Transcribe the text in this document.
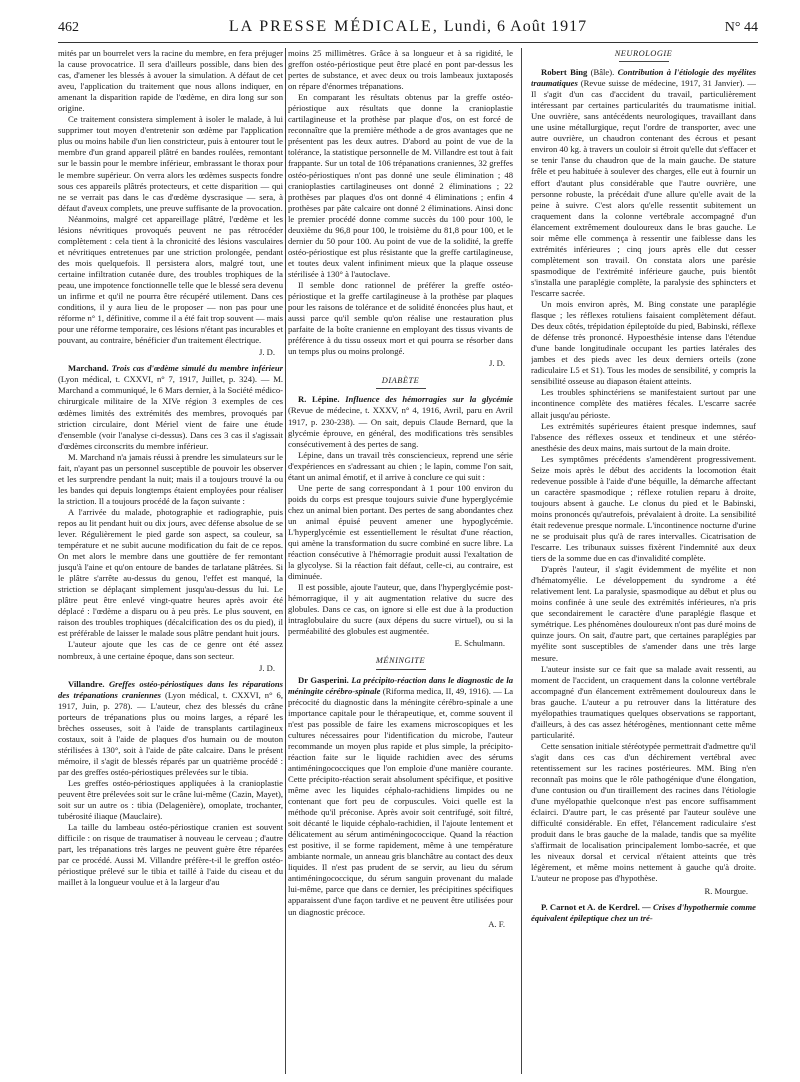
462	LA PRESSE MÉDICALE, Lundi, 6 Août 1917	N° 44

mités par un bourrelet vers la racine du membre, en fera préjuger la cause provocatrice. Il sera d'ailleurs possible, dans bien des cas, d'amener les blessés à avouer la simulation. A défaut de cet aveu, l'application du traitement que nous allons indiquer, en amenant la disparition rapide de l'œdème, en dira long sur son origine.

Ce traitement consistera simplement à isoler le malade, à lui supprimer tout moyen d'entretenir son œdème par l'application plus ou moins habile d'un lien constricteur, puis à entourer tout le membre d'un grand appareil plâtré en bandes roulées, remontant sur le bassin pour le membre inférieur, embrassant le thorax pour le membre supérieur. On verra alors les œdèmes suspects fondre sous ces appareils plâtrés protecteurs, et cette disparition — qui ne se verrait pas dans le cas d'œdème dyscrasique — sera, à défaut d'aveux complets, une preuve suffisante de la provocation.

Néanmoins, malgré cet appareillage plâtré, l'œdème et les lésions névritiques provoqués peuvent ne pas rétrocéder complètement : cela tient à la chronicité des lésions vasculaires et névritiques entretenues par une striction prolongée, pendant des mois quelquefois. Il persistera alors, malgré tout, une certaine infiltration cutanée dure, des troubles trophiques de la peau, une impotence fonctionnelle telle que le blessé sera devenu un infirme et qu'il ne pourra être récupéré utilement. Dans ces conditions, il y aura lieu de le proposer — non pas pour une réforme n° 1, définitive, comme il a été fait trop souvent — mais pour une réforme temporaire, ces lésions n'étant pas incurables et pouvant, au contraire, bénéficier d'un traitement électrique.

J. D.

Marchand. Trois cas d'œdème simulé du membre inférieur (Lyon médical, t. CXXVI, n° 7, 1917, Juillet, p. 324). — M. Marchand a communiqué, le 6 Mars dernier, à la Société médico-chirurgicale militaire de la XIVe région 3 exemples de ces œdèmes limités des extrémités des membres, provoqués par striction circulaire, dont Mériel vient de faire une étude d'ensemble (voir l'analyse ci-dessus). Dans ces 3 cas il s'agissait d'œdèmes circonscrits du membre inférieur.

M. Marchand n'a jamais réussi à prendre les simulateurs sur le fait, n'ayant pas un personnel susceptible de pouvoir les observer et les surprendre pendant la nuit; mais il a toujours trouvé la ou les bandes qui depuis longtemps étaient employées pour réaliser la striction. Il a toujours procédé de la façon suivante :

A l'arrivée du malade, photographie et radiographie, puis repos au lit pendant huit ou dix jours, avec défense absolue de se lever. Régulièrement le pied garde son aspect, sa couleur, sa température et ne subit aucune modification du fait de ce repos. On met alors le membre dans une gouttière de fer remontant jusqu'à l'aine et qu'on entoure de bandes de tarlatane plâtrées. Si le plâtre s'arrête au-dessus du genou, l'effet est manqué, la striction se déplaçant simplement jusqu'au-dessus du lui. Le plâtre peut être enlevé vingt-quatre heures après avoir été déplacé : l'œdème a disparu ou à peu près. Le plus souvent, en raison des troubles trophiques (décalcification des os du pied), il est préférable de laisser le malade sous plâtre pendant huit jours.

L'auteur ajoute que les cas de ce genre ont été assez nombreux, à une certaine époque, dans son secteur.

J. D.

Villandre. Greffes ostéo-périostiques dans les réparations des trépanations craniennes (Lyon médical, t. CXXVI, n° 6, 1917, Juin, p. 278). — L'auteur, chez des blessés du crâne porteurs de trépanations plus ou moins larges, a réparé les brèches osseuses, soit à l'aide de transplants cartilagineux costaux, soit à l'aide de plaques d'os humain ou de mouton stérilisées à 130°, soit à l'aide de pâte calcaire. Dans le présent mémoire, il s'agit de blessés réparés par un quatrième procédé : par des greffes ostéo-périostiques prélevées sur le tibia.

Les greffes ostéo-périostiques appliquées à la cranioplastie peuvent être prélevées soit sur le crâne lui-même (Cazin, Mayet), soit sur un autre os : tibia (Delagenière), omoplate, trochanter, tubérosité iliaque (Mauclaire).

La taille du lambeau ostéo-périostique cranien est souvent difficile : on risque de traumatiser à nouveau le cerveau ; d'autre part, les trépanations très larges ne peuvent guère être réparées par ce procédé. Aussi M. Villandre préfère-t-il le greffon ostéo-périostique prélevé sur le tibia et taillé à l'aide du ciseau et du maillet à la longueur voulue et à la largeur d'au

moins 25 millimètres. Grâce à sa longueur et à sa rigidité, le greffon ostéo-périostique peut être placé en pont par-dessus les pertes de substance, et avec deux ou trois lambeaux juxtaposés on répare d'énormes trépanations.

En comparant les résultats obtenus par la greffe ostéo-périostique aux résultats que donne la cranioplastie cartilagineuse et la prothèse par plaque d'os, on est forcé de reconnaître que la première méthode a de gros avantages que ne présentent pas les deux autres. D'abord au point de vue de la tolérance, la statistique personnelle de M. Villandre est tout à fait frappante. Sur un total de 106 trépanations craniennes, 32 greffes ostéo-périostiques n'ont pas donné une seule élimination ; 48 cranioplasties cartilagineuses ont donné 2 éliminations ; 22 prothèses par plaques d'os ont donné 4 éliminations ; enfin 4 prothèses par pâte calcaire ont donné 2 éliminations. Ainsi donc le premier procédé donne comme succès du 100 pour 100, le deuxième du 96,8 pour 100, le troisième du 81,8 pour 100, et le dernier du 50 pour 100. Au point de vue de la solidité, la greffe ostéo-périostique est plus résistante que la greffe cartilagineuse, et toutes deux valent infiniment mieux que la plaque osseuse stérilisée à 130° à l'autoclave.

Il semble donc rationnel de préférer la greffe ostéo-périostique et la greffe cartilagineuse à la prothèse par plaques pour les raisons de tolérance et de solidité énoncées plus haut, et aussi parce qu'il semble qu'on réalise une restauration plus parfaite de la boîte cranienne en employant des tissus vivants de préférence à du tissu osseux mort et qui pourra se résorber dans un temps plus ou moins prolongé.

J. D.
DIABÈTE

R. Lépine. Influence des hémorragies sur la glycémie (Revue de médecine, t. XXXV, n° 4, 1916, Avril, paru en Avril 1917, p. 230-238). — On sait, depuis Claude Bernard, que la glycémie éprouve, en général, des modifications très sensibles consécutivement à des pertes de sang.

Lépine, dans un travail très consciencieux, reprend une série d'expériences en s'adressant au chien ; le lapin, comme l'on sait, étant un animal émotif, et il arrive à conclure ce qui suit :

Une perte de sang correspondant à 1 pour 100 environ du poids du corps est presque toujours suivie d'une hyperglycémie chez un animal bien portant. Des pertes de sang abondantes chez un animal épuisé peuvent amener une hypoglycémie. L'hyperglycémie est essentiellement le résultat d'une réaction, qui amène la transformation du sucre combiné en sucre libre. La réaction consécutive à l'hémorragie produit aussi l'exaltation de la glycolyse. Si la réaction fait défaut, celle-ci, au contraire, est diminuée.

Il est possible, ajoute l'auteur, que, dans l'hyperglycémie post-hémorragique, il y ait augmentation relative du sucre des globules. Dans ce cas, on ignore si elle est due à la production intraglobulaire du sucre (aux dépens du sucre virtuel), ou si la perméabilité des globules est augmentée.

E. Schulmann.
MÉNINGITE

Dr Gasperini. La précipito-réaction dans le diagnostic de la méningite cérébro-spinale (Riforma medica, II, 49, 1916). — La précocité du diagnostic dans la méningite cérébro-spinale a une importance capitale pour le thérapeutique, et, comme souvent il n'est pas possible de faire les examens microscopiques et les cultures nécessaires pour l'identification du microbe, l'auteur recommande un moyen plus rapide et plus simple, la précipito-réaction faite sur le liquide rachidien avec des sérums antiméningococciques que l'on emploie d'une manière courante. Cette précipito-réaction serait absolument spécifique, et positive même avec les liquides céphalo-rachidiens limpides ou ne contenant que fort peu de corpuscules. Voici quelle est la méthode qu'il préconise. Après avoir soit centrifugé, soit filtré, soit décanté le liquide céphalo-rachidien, il l'ajoute lentement et délicatement au sérum antiméningococcique. Quand la réaction est positive, il se forme rapidement, même à une température ambiante normale, un anneau gris blanchâtre au contact des deux liquides. Il n'est pas prudent de se servir, au lieu du sérum antiméningococcique, du sérum sanguin provenant du malade lui-même, parce que dans ce dernier, les précipitines spécifiques apparaissent d'une façon tardive et ne peuvent être utilisées pour un diagnostic précoce.

A. F.
NEUROLOGIE

Robert Bing (Bâle). Contribution à l'étiologie des myélites traumatiques (Revue suisse de médecine, 1917, 31 Janvier). — Il s'agit d'un cas d'accident du travail, particulièrement intéressant par certaines particularités du traumatisme initial. Une ouvrière, sans antécédents neurologiques, travaillant dans une usine métallurgique, reçut l'ordre de transporter, avec une autre ouvrière, un chaudron contenant des écrous et pesant environ 40 kg. à travers un couloir si étroit qu'elle dut s'effacer et se tenir l'anse du chaudron que de la main gauche. De stature frêle et peu habituée à soulever des charges, elle eut à fournir un effort d'autant plus considérable que l'autre ouvrière, une personne robuste, la précédait d'une allure qu'elle avait de la peine à suivre. C'est alors qu'elle ressentit subitement un craquement dans la colonne vertébrale accompagné d'un élancement extrêmement douloureux dans le bras gauche. Le soir même elle commença à ressentir une faiblesse dans les extrémités inférieures ; cinq jours après elle dut cesser complètement son travail. On constata alors une parésie spasmodique de l'extrémité inférieure gauche, puis bientôt s'installa une paraplégie complète, la paralysie des sphincters et l'escarre sacrée.

Un mois environ après, M. Bing constate une paraplégie flasque ; les réflexes rotuliens faisaient complètement défaut. Des deux côtés, trépidation épileptoïde du pied, Babinski, réflexe de défense très prononcé. Hypoesthésie intense dans l'étendue d'une bande longitudinale occupant les parties latérales des jambes et des pieds avec les deux derniers orteils (zone radiculaire L5 et S1). Tous les modes de sensibilité, y compris la sensibilité osseuse au diapason étaient atteints.

Les troubles sphinctériens se manifestaient surtout par une incontinence complète des matières fécales. L'escarre sacrée allait jusqu'au périoste.

Les extrémités supérieures étaient presque indemnes, sauf l'absence des réflexes osseux et tendineux et une stéréo-anesthésie des deux mains, mais surtout de la main droite.

Les symptômes précédents s'amendèrent progressivement. Seize mois après le début des accidents la locomotion était redevenue possible à l'aide d'une béquille, la démarche affectant un caractère spasmodique ; réflexe rotulien reparu à droite, toujours absent à gauche. Le clonus du pied et le Babinski, moins prononcés qu'autrefois, prévalaient à droite. La sensibilité était redevenue presque normale. L'incontinence nocturne d'urine ne se produisait plus qu'à de rares intervalles. Cicatrisation de l'escarre. Les tribunaux suisses fixèrent l'indemnité aux deux tiers de la somme due en cas d'invalidité complète.

D'après l'auteur, il s'agit évidemment de myélite et non d'hématomyélie. Le développement du syndrome a été relativement lent. La paralysie, spasmodique au début et plus ou moins confinée à une seule des extrémités inférieures, n'a pris que secondairement le caractère d'une paraplégie flasque et symétrique. Les phénomènes douloureux n'ont pas duré moins de quinze jours. On sait, d'autre part, que certaines paraplégies par myélite sont susceptibles de s'amender dans une très large mesure.

L'auteur insiste sur ce fait que sa malade avait ressenti, au moment de l'accident, un craquement dans la colonne vertébrale accompagné d'un élancement extrêmement douloureux dans le bras gauche. L'auteur a pu retrouver dans la littérature des myélopathies traumatiques quelques observations se rapportant, d'ailleurs, à des cas assez hétérogènes, mentionnant cette même particularité.

Cette sensation initiale stéréotypée permettrait d'admettre qu'il s'agit dans ces cas d'un déchirement vertébral avec retentissement sur les racines postérieures. MM. Bing n'en reconnaît pas moins que le rôle pathogénique d'une élongation, d'une contusion ou d'un tiraillement des racines dans l'étiologie d'une myélopathie quelconque n'est pas encore suffisamment éclairci. D'autre part, le cas présenté par l'auteur soulève une difficulté considérable. En effet, l'élancement radiculaire s'est produit dans le bras gauche de la malade, tandis que sa myélite s'affirmait de localisation principalement lombo-sacrée, et que les niveaux dorsal et cervical n'étaient atteints que très légèrement, et même moins nettement à gauche qu'à droite. L'auteur ne propose pas d'hypothèse.

R. Mourgue.

P. Carnot et A. de Kerdrel. — Crises d'hypothermie comme équivalent épileptique chez un tré-
